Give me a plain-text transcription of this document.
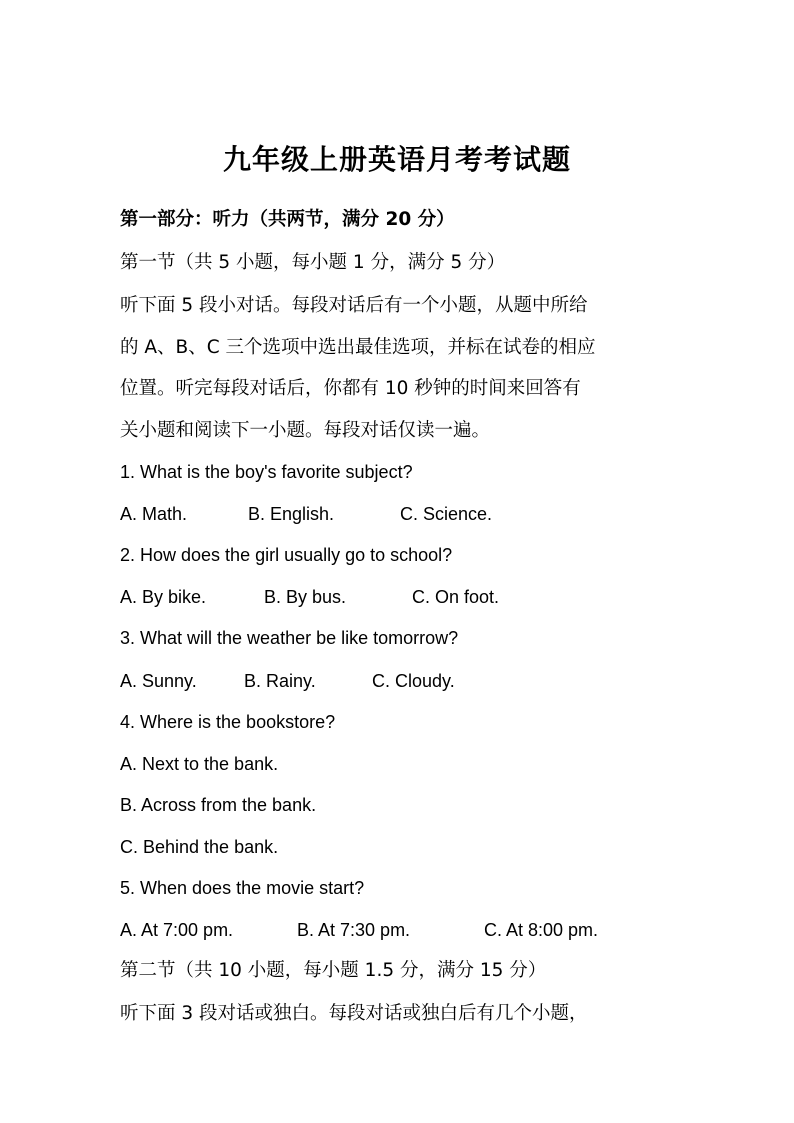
九年级上册英语月考考试题
第一部分：听力（共两节，满分 20 分）
第一节（共 5 小题，每小题 1 分，满分 5 分）
听下面 5 段小对话。每段对话后有一个小题，从题中所给
的 A、B、C 三个选项中选出最佳选项，并标在试卷的相应
位置。听完每段对话后，你都有 10 秒钟的时间来回答有
关小题和阅读下一小题。每段对话仅读一遍。
1. What is the boy's favorite subject?
A. Math.	B. English.	C. Science.
2. How does the girl usually go to school?
A. By bike.	B. By bus.	C. On foot.
3. What will the weather be like tomorrow?
A. Sunny.	B. Rainy.	C. Cloudy.
4. Where is the bookstore?
A. Next to the bank.
B. Across from the bank.
C. Behind the bank.
5. When does the movie start?
A. At 7:00 pm.	B. At 7:30 pm.	C. At 8:00 pm.
第二节（共 10 小题，每小题 1.5 分，满分 15 分）
听下面 3 段对话或独白。每段对话或独白后有几个小题，
